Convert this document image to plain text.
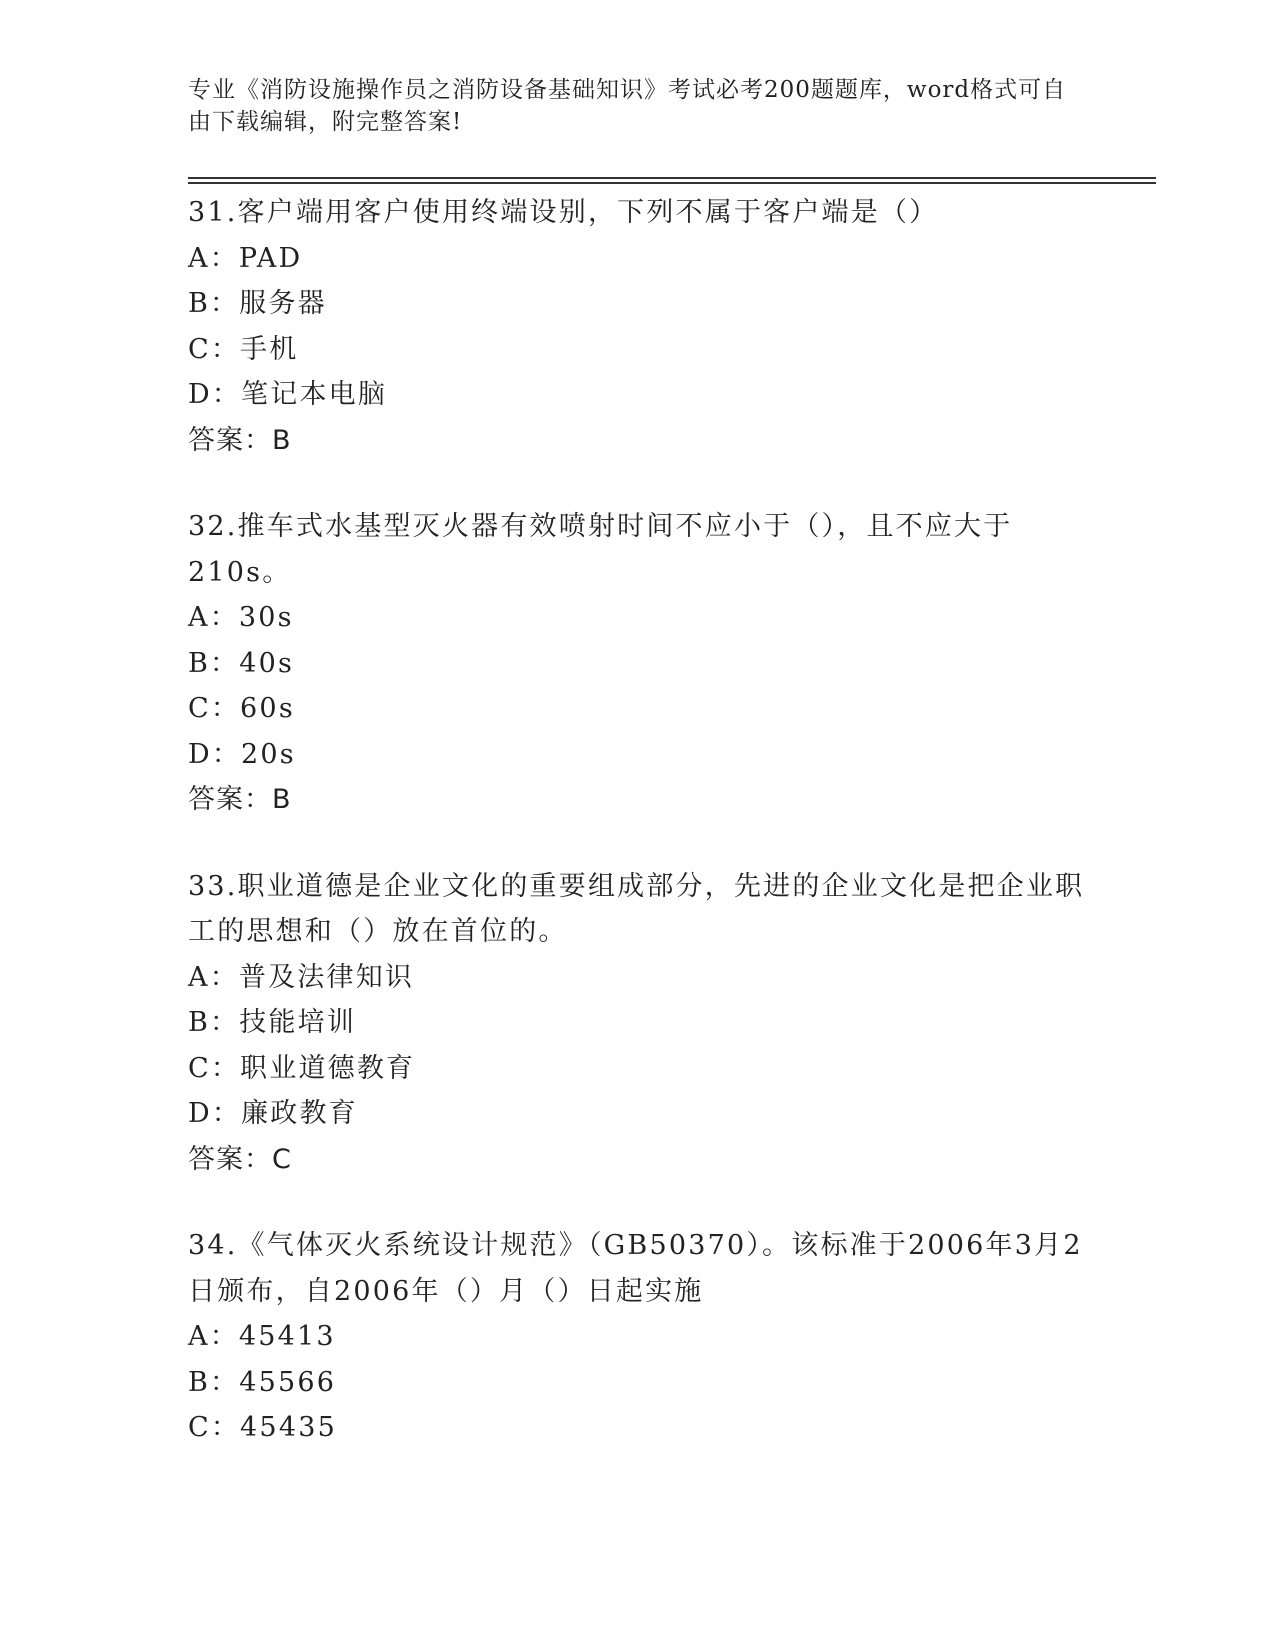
专业《消防设施操作员之消防设备基础知识》考试必考200题题库，word格式可自由下载编辑，附完整答案!
31.客户端用客户使用终端设别，下列不属于客户端是（）
A：PAD
B：服务器
C：手机
D：笔记本电脑
答案：B
32.推车式水基型灭火器有效喷射时间不应小于（），且不应大于210s。
A：30s
B：40s
C：60s
D：20s
答案：B
33.职业道德是企业文化的重要组成部分，先进的企业文化是把企业职工的思想和（）放在首位的。
A：普及法律知识
B：技能培训
C：职业道德教育
D：廉政教育
答案：C
34.《气体灭火系统设计规范》（GB50370）。该标准于2006年3月2日颁布，自2006年（）月（）日起实施
A：45413
B：45566
C：45435
